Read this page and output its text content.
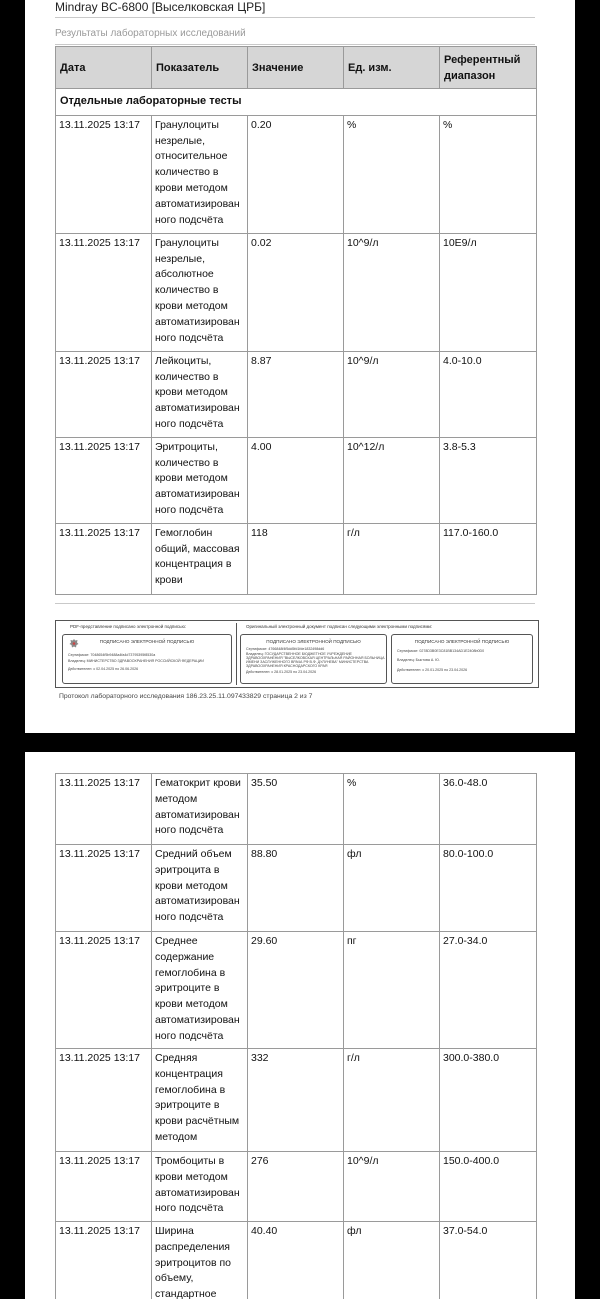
Mindray BC-6800 [Выселковская ЦРБ]
Результаты лабораторных исследований
Дата	Показатель	Значение	Ед. изм.	Референтный диапазон
Отдельные лабораторные тесты				
13.11.2025 13:17	Гранулоциты незрелые, относительное количество в крови методом автоматизирован ного подсчёта	0.20	%	%
13.11.2025 13:17	Гранулоциты незрелые, абсолютное количество в крови методом автоматизирован ного подсчёта	0.02	10^9/л	10E9/л
13.11.2025 13:17	Лейкоциты, количество в крови методом автоматизирован ного подсчёта	8.87	10^9/л	4.0-10.0
13.11.2025 13:17	Эритроциты, количество в крови методом автоматизирован ного подсчёта	4.00	10^12/л	3.8-5.3
13.11.2025 13:17	Гемоглобин общий, массовая концентрация в крови	118	г/л	117.0-160.0
PDF-представление подписано электронной подписью:	Оригинальный электронный документ подписан следующими электронными подписями:
ПОДПИСАНО ЭЛЕКТРОННОЙ ПОДПИСЬЮ
Сертификат: 7048654f5b9488a4fa4d73795395f8530a
Владелец: МИНИСТЕРСТВО ЗДРАВООХРАНЕНИЯ РОССИЙСКОЙ ФЕДЕРАЦИИ
Действителен: с 02.04.2025 по 26.06.2026
ПОДПИСАНО ЭЛЕКТРОННОЙ ПОДПИСЬЮ
Сертификат: 4766848f4f5dd5fd1fde1832498dd6
Владелец: ГОСУДАРСТВЕННОЕ БЮДЖЕТНОЕ УЧРЕЖДЕНИЕ
ЗДРАВООХРАНЕНИЯ "ВЫСЕЛКОВСКАЯ ЦЕНТРАЛЬНАЯ РАЙОННАЯ БОЛЬНИЦА
ИМЕНИ ЗАСЛУЖЕННОГО ВРАЧА РФ В.Ф. ДУЛУНЕВА" МИНИСТЕРСТВА
ЗДРАВООХРАНЕНИЯ КРАСНОДАРСКОГО КРАЯ
Действителен: с 28.01.2025 по 23.04.2026
ПОДПИСАНО ЭЛЕКТРОННОЙ ПОДПИСЬЮ
Сертификат: 0278D3B0E3C81BB134AD1E2408b0D0
Владелец: Быстова А. Ю.
Действителен: с 20.01.2025 по 23.04.2026
Протокол лабораторного исследования 186.23.25.11.097433829 страница 2 из 7
13.11.2025 13:17	Гематокрит крови методом автоматизирован ного подсчёта	35.50	%	36.0-48.0
13.11.2025 13:17	Средний объем эритроцита в крови методом автоматизирован ного подсчёта	88.80	фл	80.0-100.0
13.11.2025 13:17	Среднее содержание гемоглобина в эритроците в крови методом автоматизирован ного подсчёта	29.60	пг	27.0-34.0
13.11.2025 13:17	Средняя концентрация гемоглобина в эритроците в крови расчётным методом	332	г/л	300.0-380.0
13.11.2025 13:17	Тромбоциты в крови методом автоматизирован ного подсчёта	276	10^9/л	150.0-400.0
13.11.2025 13:17	Ширина распределения эритроцитов по объему, стандартное	40.40	фл	37.0-54.0
